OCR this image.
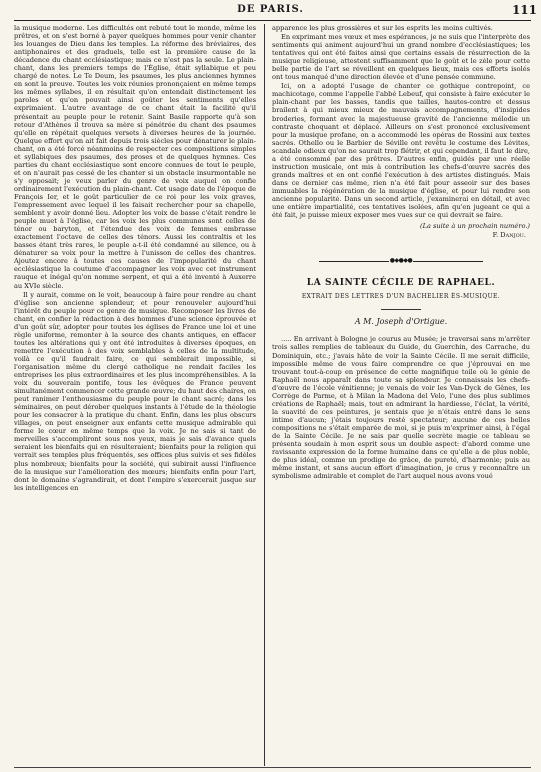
DE PARIS.	111

la musique moderne. Les difficultés ont rebuté tout le monde, même les prêtres, et on s'est borné à payer quelques hommes pour venir chanter les louanges de Dieu dans les temples. La réforme des bréviaires, des antiphonaires et des graduels, telle est la première cause de la décadence du chant ecclésiastique; mais ce n'est pas la seule. Le plain-chant, dans les premiers temps de l'Église, était syllabique et peu chargé de notes. Le Te Deum, les psaumes, les plus anciennes hymnes en sont la preuve. Toutes les voix réunies prononçaient en même temps les mêmes syllabes, il en résultait qu'on entendait distinctement les paroles et qu'on pouvait ainsi goûter les sentiments qu'elles exprimaient. L'autre avantage de ce chant était la facilité qu'il présentait au peuple pour le retenir. Saint Basile rapporte qu'à son retour d'Athènes il trouva sa mère si pénétrée du chant des psaumes qu'elle en répétait quelques versets à diverses heures de la journée. Quelque effort qu'on ait fait depuis trois siècles pour dénaturer le plain-chant, on a été forcé néanmoins de respecter ces compositions simples et syllabiques des psaumes, des proses et de quelques hymnes. Ces parties du chant ecclésiastique sont encore connues de tout le peuple, et on n'aurait pas cessé de les chanter si un obstacle insurmontable ne s'y opposait; je veux parler du genre de voix auquel on confie ordinairement l'exécution du plain-chant. Cet usage date de l'époque de François Ier, et le goût particulier de ce roi pour les voix graves, l'empressement avec lequel il les faisait rechercher pour sa chapelle, semblent y avoir donné lieu. Adopter les voix de basse c'était rendre le peuple muet à l'église, car les voix les plus communes sont celles de ténor ou baryton, et l'étendue des voix de femmes embrasse exactement l'octave de celles des ténors. Aussi les contraltis et les basses étant très rares, le peuple a-t-il été condamné au silence, ou à dénaturer sa voix pour la mettre à l'unisson de celles des chantres. Ajoutez encore à toutes ces causes de l'impopularité du chant ecclésiastique la coutume d'accompagner les voix avec cet instrument rauque et inégal qu'on nomme serpent, et qui a été inventé à Auxerre au XVIe siècle.

Il y aurait, comme on le voit, beaucoup à faire pour rendre au chant d'église son ancienne splendeur, et pour renouveler aujourd'hui l'intérêt du peuple pour ce genre de musique. Recomposer les livres de chant, en confier la rédaction à des hommes d'une science éprouvée et d'un goût sûr, adopter pour toutes les églises de France une loi et une règle uniforme, remonter à la source des chants antiques, en effacer toutes les altérations qui y ont été introduites à diverses époques, en remettre l'exécution à des voix semblables à celles de la multitude, voilà ce qu'il faudrait faire, ce qui semblerait impossible, si l'organisation même du clergé catholique ne rendait faciles les entreprises les plus extraordinaires et les plus incompréhensibles. A la voix du souverain pontife, tous les évêques de France peuvent simultanément commencer cette grande œuvre; du haut des chaires, on peut ranimer l'enthousiasme du peuple pour le chant sacré; dans les séminaires, on peut dérober quelques instants à l'étude de la théologie pour les consacrer à la pratique du chant. Enfin, dans les plus obscurs villages, on peut enseigner aux enfants cette musique admirable qui forme le cœur en même temps que la voix. Je ne sais si tant de merveilles s'accompliront sous nos yeux, mais je sais d'avance quels seraient les bienfaits qui en résulteraient; bienfaits pour la religion qui verrait ses temples plus fréquentés, ses offices plus suivis et ses fidèles plus nombreux; bienfaits pour la société, qui subirait aussi l'influence de la musique sur l'amélioration des mœurs; bienfaits enfin pour l'art, dont le domaine s'agrandirait, et dont l'empire s'exercerait jusque sur les intelligences en

apparence les plus grossières et sur les esprits les moins cultivés.

En exprimant mes vœux et mes espérances, je ne suis que l'interprète des sentiments qui animent aujourd'hui un grand nombre d'ecclésiastiques; les tentatives qui ont été faites ainsi que certains essais de résurrection de la musique religieuse, attestent suffisamment que le goût et le zèle pour cette belle partie de l'art se réveillent en quelques lieux, mais ces efforts isolés ont tous manqué d'une direction élevée et d'une pensée commune.

Ici, on a adopté l'usage de chanter ce gothique contrepoint, ce machicotage, comme l'appelle l'abbé Lebeuf, qui consiste à faire exécuter le plain-chant par les basses, tandis que tailles, hautes-contre et dessus brailent à qui mieux mieux de mauvais accompagnements, d'insipides broderies, formant avec la majestueuse gravité de l'ancienne mélodie un contraste choquant et déplacé. Ailleurs on s'est prononcé exclusivement pour la musique profane, on a accommodé les opéras de Rossini aux textes sacrés. Othello ou le Barbier de Séville ont revêtu le costume des Lévites, scandale odieux qu'on ne saurait trop flétrir, et qui cependant, il faut le dire, a été consommé par des prêtres. D'autres enfin, guidés par une réelle instruction musicale, ont mis à contribution les chefs-d'œuvre sacrés des grands maîtres et en ont confié l'exécution à des artistes distingués. Mais dans ce dernier cas même, rien n'a été fait pour asseoir sur des bases immuables la régénération de la musique d'église, et pour lui rendre son ancienne popularité. Dans un second article, j'examinerai en détail, et avec une entière impartialité, ces tentatives isolées, afin qu'en jugeant ce qui a été fait, je puisse mieux exposer mes vues sur ce qui devrait se faire.

(La suite à un prochain numéro.)
F. Danjou.
●◆●◆●
LA SAINTE CÉCILE DE RAPHAEL.
EXTRAIT DES LETTRES D'UN BACHELIER ÈS-MUSIQUE.
A M. Joseph d'Ortigue.

..... En arrivant à Bologne je courus au Musée; je traversai sans m'arrêter trois salles remplies de tableaux du Guide, du Guerchin, des Carrache, du Dominiquin, etc.; j'avais hâte de voir la Sainte Cécile. Il me serait difficile, impossible même de vous faire comprendre ce que j'éprouvai en me trouvant tout-à-coup en présence de cette magnifique toile où le génie de Raphaël nous apparaît dans toute sa splendeur. Je connaissais les chefs-d'œuvre de l'école vénitienne; je venais de voir les Van-Dyck de Gênes, les Corrège de Parme, et à Milan la Madona del Velo, l'une des plus sublimes créations de Raphaël; mais, tout en admirant la hardiesse, l'éclat, la vérité, la suavité de ces peintures, je sentais que je n'étais entré dans le sens intime d'aucun; j'étais toujours resté spectateur; aucune de ces belles compositions ne s'était emparée de moi, si je puis m'exprimer ainsi, à l'égal de la Sainte Cécile. Je ne sais par quelle secrète magie ce tableau se présenta soudain à mon esprit sous un double aspect: d'abord comme une ravissante expression de la forme humaine dans ce qu'elle a de plus noble, de plus idéal, comme un prodige de grâce, de pureté, d'harmonie; puis au même instant, et sans aucun effort d'imagination, je crus y reconnaître un symbolisme admirable et complet de l'art auquel nous avons voué
